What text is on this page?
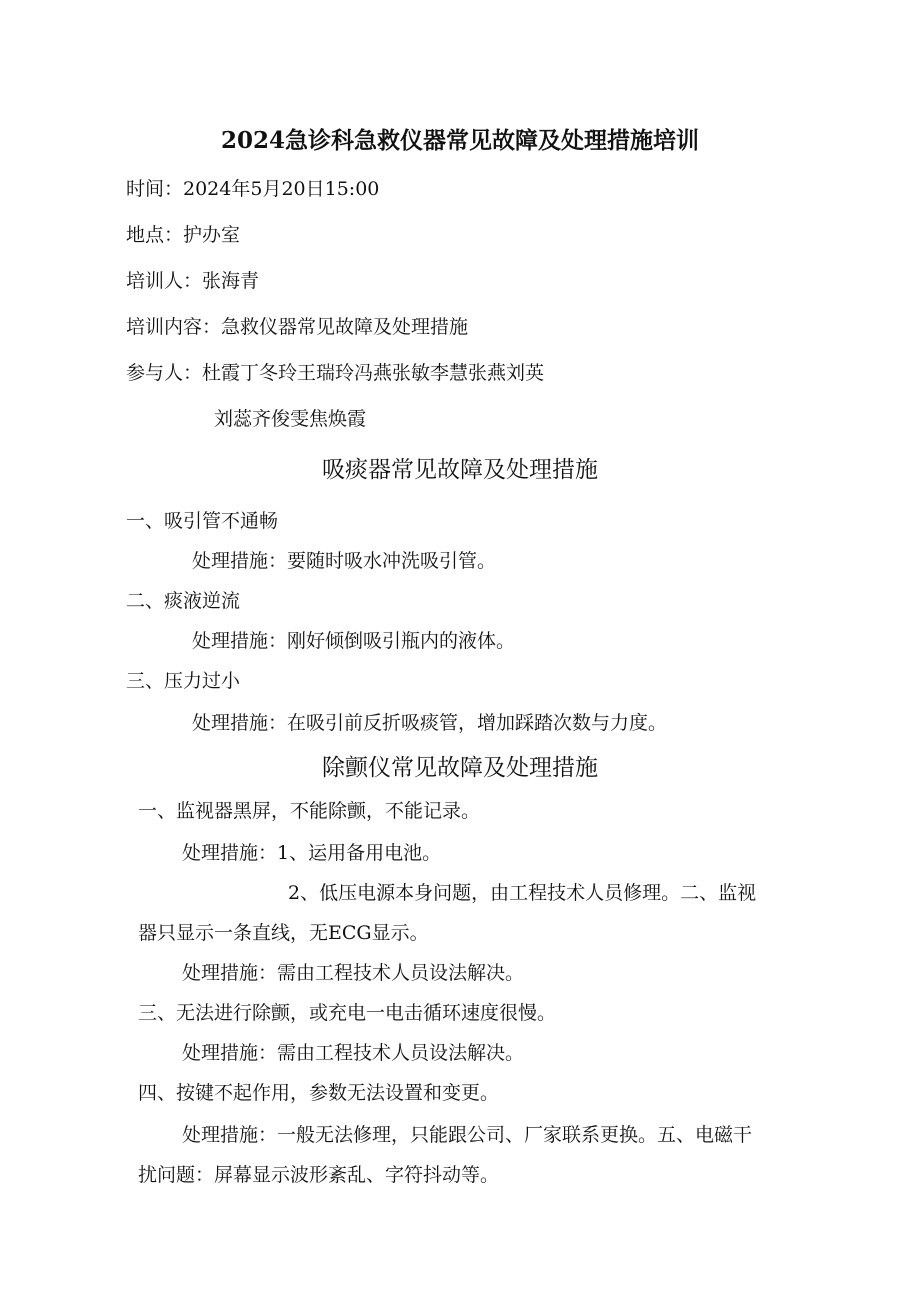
2024急诊科急救仪器常见故障及处理措施培训
时间：2024年5月20日15:00
地点：护办室
培训人：张海青
培训内容：急救仪器常见故障及处理措施
参与人：杜霞丁冬玲王瑞玲冯燕张敏李慧张燕刘英
刘蕊齐俊雯焦焕霞
吸痰器常见故障及处理措施
一、吸引管不通畅
处理措施：要随时吸水冲洗吸引管。
二、痰液逆流
处理措施：刚好倾倒吸引瓶内的液体。
三、压力过小
处理措施：在吸引前反折吸痰管，增加踩踏次数与力度。
除颤仪常见故障及处理措施
一、监视器黑屏，不能除颤，不能记录。
处理措施：1、运用备用电池。
2、低压电源本身问题，由工程技术人员修理。二、监视
器只显示一条直线，无ECG显示。
处理措施：需由工程技术人员设法解决。
三、无法进行除颤，或充电一电击循环速度很慢。
处理措施：需由工程技术人员设法解决。
四、按键不起作用，参数无法设置和变更。
处理措施：一般无法修理，只能跟公司、厂家联系更换。五、电磁干
扰问题：屏幕显示波形紊乱、字符抖动等。
